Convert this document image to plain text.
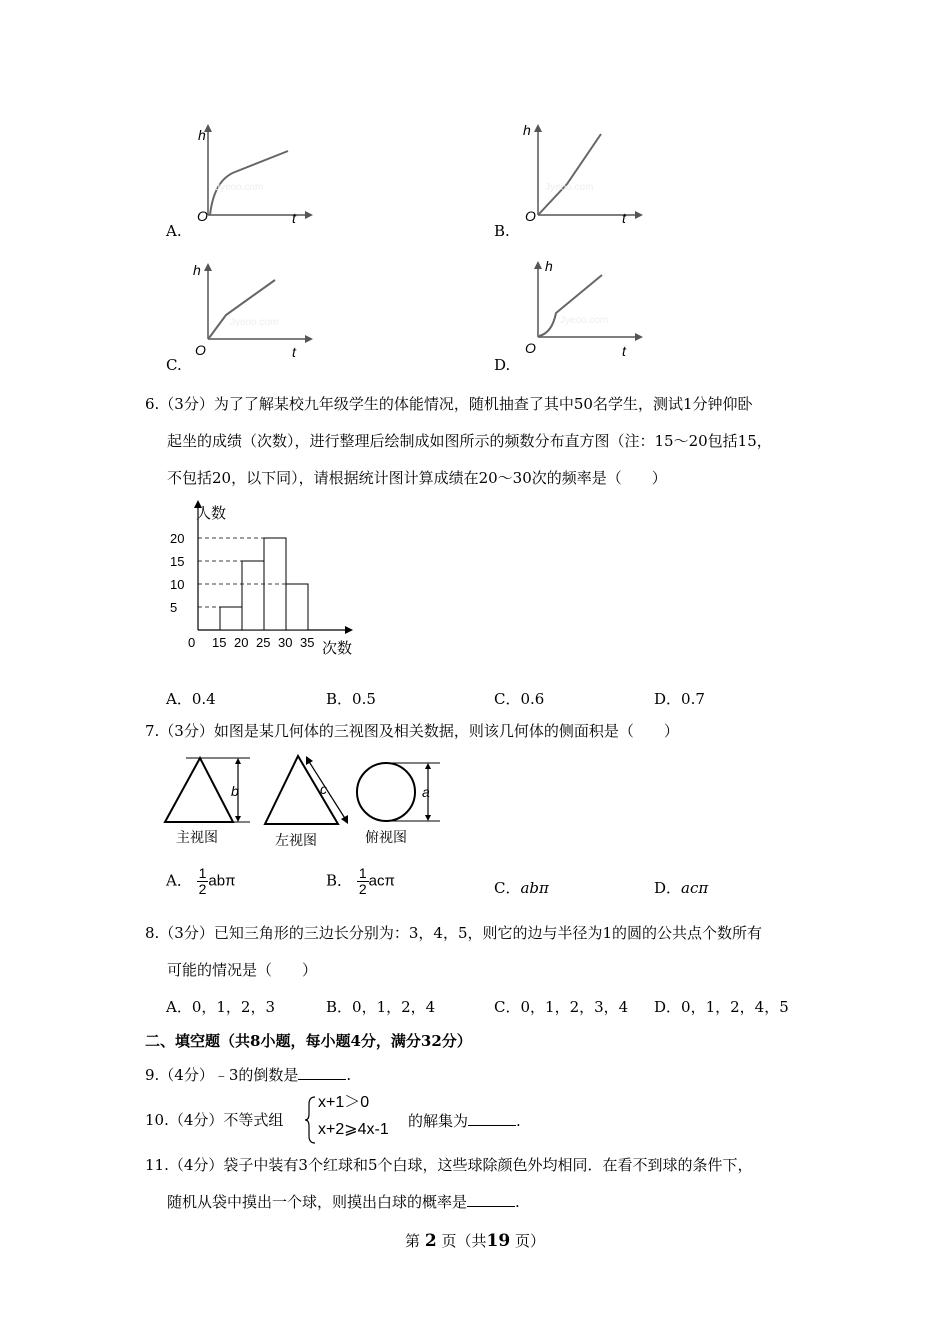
h
t
O
Jyeoo.com
A.
h
t
O
Jyeoo.com
B.
h
t
O
Jyeoo.com
C.
h
t
O
Jyeoo.com
D.
6.（3分）为了了解某校九年级学生的体能情况，随机抽查了其中50名学生，测试1分钟仰卧
起坐的成绩（次数），进行整理后绘制成如图所示的频数分布直方图（注：15～20包括15，
不包括20，以下同），请根据统计图计算成绩在20～30次的频率是（　　）
5
10
15
20
0 15 20 25 30 35
人数
次数
A．0.4	B．0.5	C．0.6	D．0.7
7.（3分）如图是某几何体的三视图及相关数据，则该几何体的侧面积是（　　）
b
主视图
c
左视图
a
俯视图
A． $\frac{1}{2}$ abπ	B． $\frac{1}{2}$ acπ	C．abπ	D．acπ
8.（3分）已知三角形的三边长分别为：3，4，5，则它的边与半径为1的圆的公共点个数所有
可能的情况是（　　）
A．0，1，2，3	B．0，1，2，4	C．0，1，2，3，4 D．0，1，2，4，5
二、填空题（共8小题，每小题4分，满分32分）
9.（4分）﹣3的倒数是	.
10.（4分）不等式组
x+1＞0
x+2⩾4x-1 的解集为	.
11.（4分）袋子中装有3个红球和5个白球，这些球除颜色外均相同．在看不到球的条件下，
随机从袋中摸出一个球，则摸出白球的概率是	.
第 2 页（共19 页）
